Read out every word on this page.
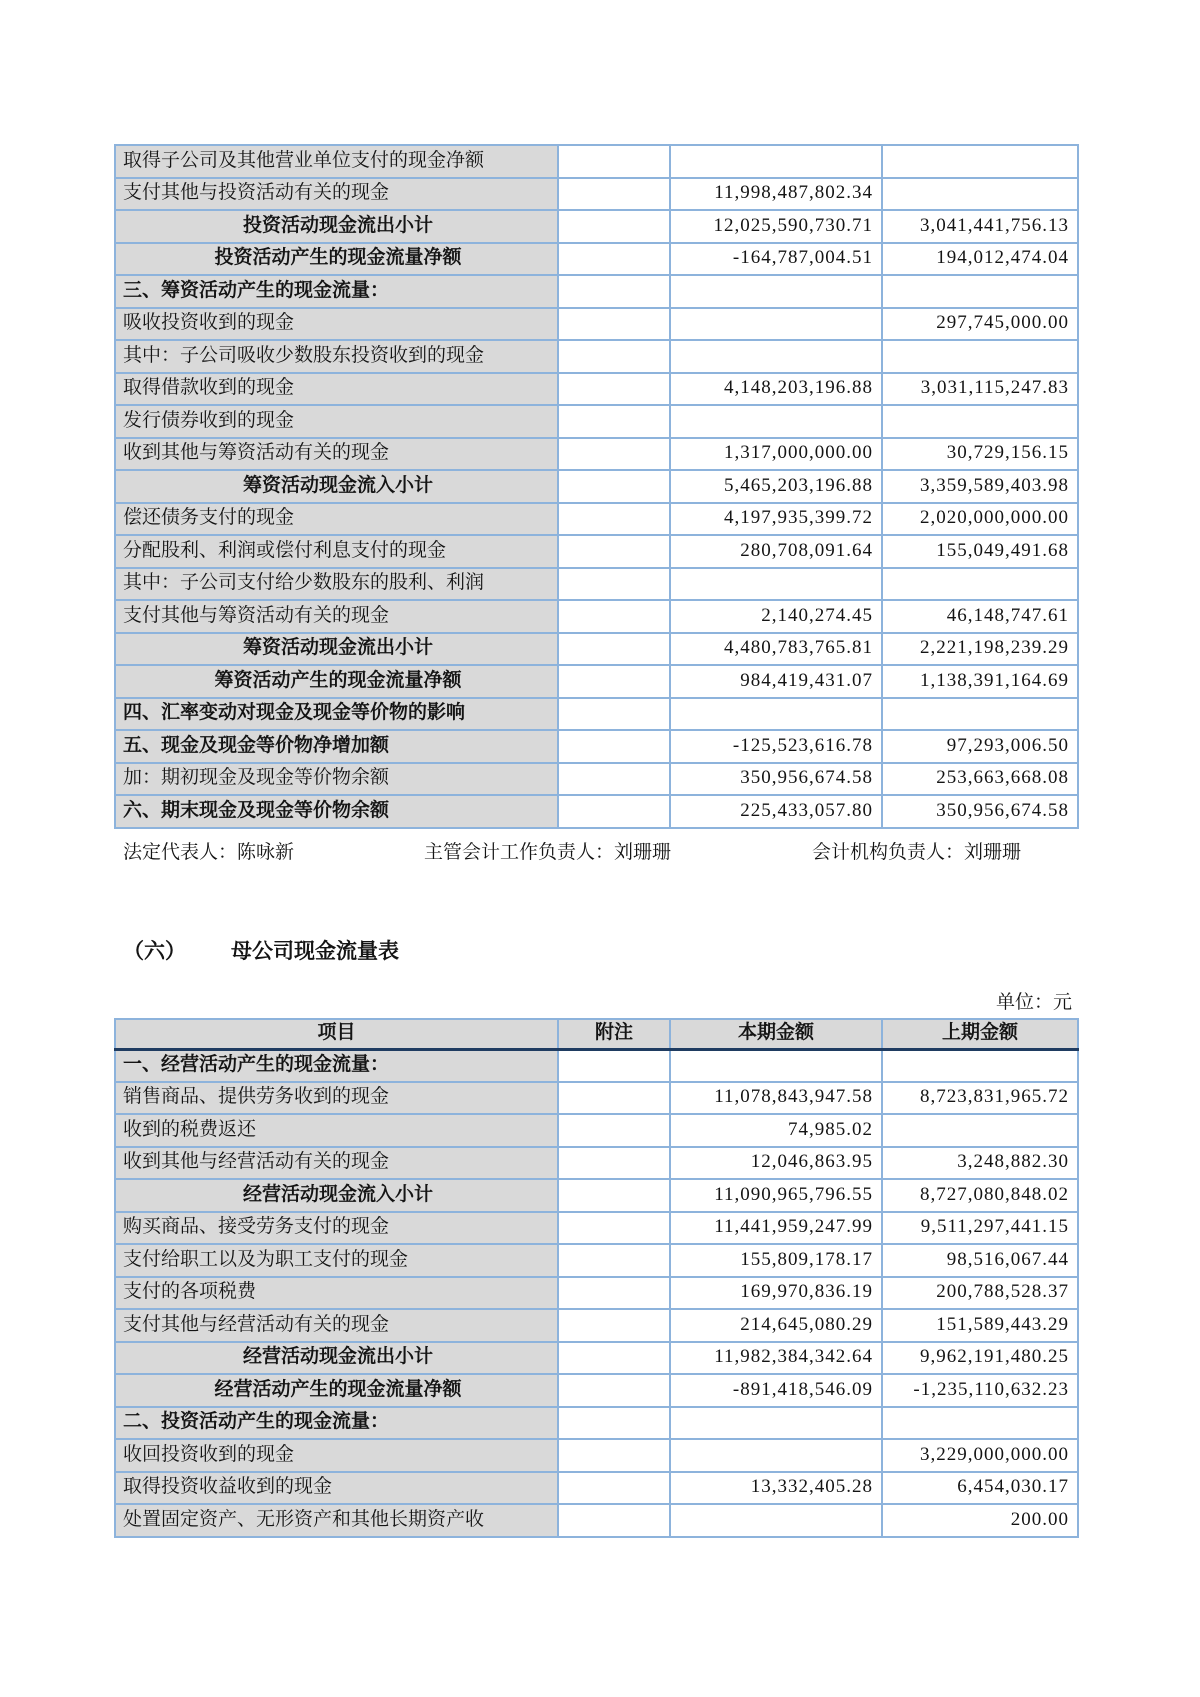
取得子公司及其他营业单位支付的现金净额			
支付其他与投资活动有关的现金		11,998,487,802.34	
投资活动现金流出小计		12,025,590,730.71	3,041,441,756.13
投资活动产生的现金流量净额		-164,787,004.51	194,012,474.04
三、筹资活动产生的现金流量：			
吸收投资收到的现金			297,745,000.00
其中：子公司吸收少数股东投资收到的现金			
取得借款收到的现金		4,148,203,196.88	3,031,115,247.83
发行债券收到的现金			
收到其他与筹资活动有关的现金		1,317,000,000.00	30,729,156.15
筹资活动现金流入小计		5,465,203,196.88	3,359,589,403.98
偿还债务支付的现金		4,197,935,399.72	2,020,000,000.00
分配股利、利润或偿付利息支付的现金		280,708,091.64	155,049,491.68
其中：子公司支付给少数股东的股利、利润			
支付其他与筹资活动有关的现金		2,140,274.45	46,148,747.61
筹资活动现金流出小计		4,480,783,765.81	2,221,198,239.29
筹资活动产生的现金流量净额		984,419,431.07	1,138,391,164.69
四、汇率变动对现金及现金等价物的影响			
五、现金及现金等价物净增加额		-125,523,616.78	97,293,006.50
加：期初现金及现金等价物余额		350,956,674.58	253,663,668.08
六、期末现金及现金等价物余额		225,433,057.80	350,956,674.58
法定代表人：陈咏新	主管会计工作负责人：刘珊珊	会计机构负责人：刘珊珊
（六） 母公司现金流量表
单位：元
项目	附注	本期金额	上期金额
一、经营活动产生的现金流量：			
销售商品、提供劳务收到的现金		11,078,843,947.58	8,723,831,965.72
收到的税费返还		74,985.02	
收到其他与经营活动有关的现金		12,046,863.95	3,248,882.30
经营活动现金流入小计		11,090,965,796.55	8,727,080,848.02
购买商品、接受劳务支付的现金		11,441,959,247.99	9,511,297,441.15
支付给职工以及为职工支付的现金		155,809,178.17	98,516,067.44
支付的各项税费		169,970,836.19	200,788,528.37
支付其他与经营活动有关的现金		214,645,080.29	151,589,443.29
经营活动现金流出小计		11,982,384,342.64	9,962,191,480.25
经营活动产生的现金流量净额		-891,418,546.09	-1,235,110,632.23
二、投资活动产生的现金流量：			
收回投资收到的现金			3,229,000,000.00
取得投资收益收到的现金		13,332,405.28	6,454,030.17
处置固定资产、无形资产和其他长期资产收			200.00
